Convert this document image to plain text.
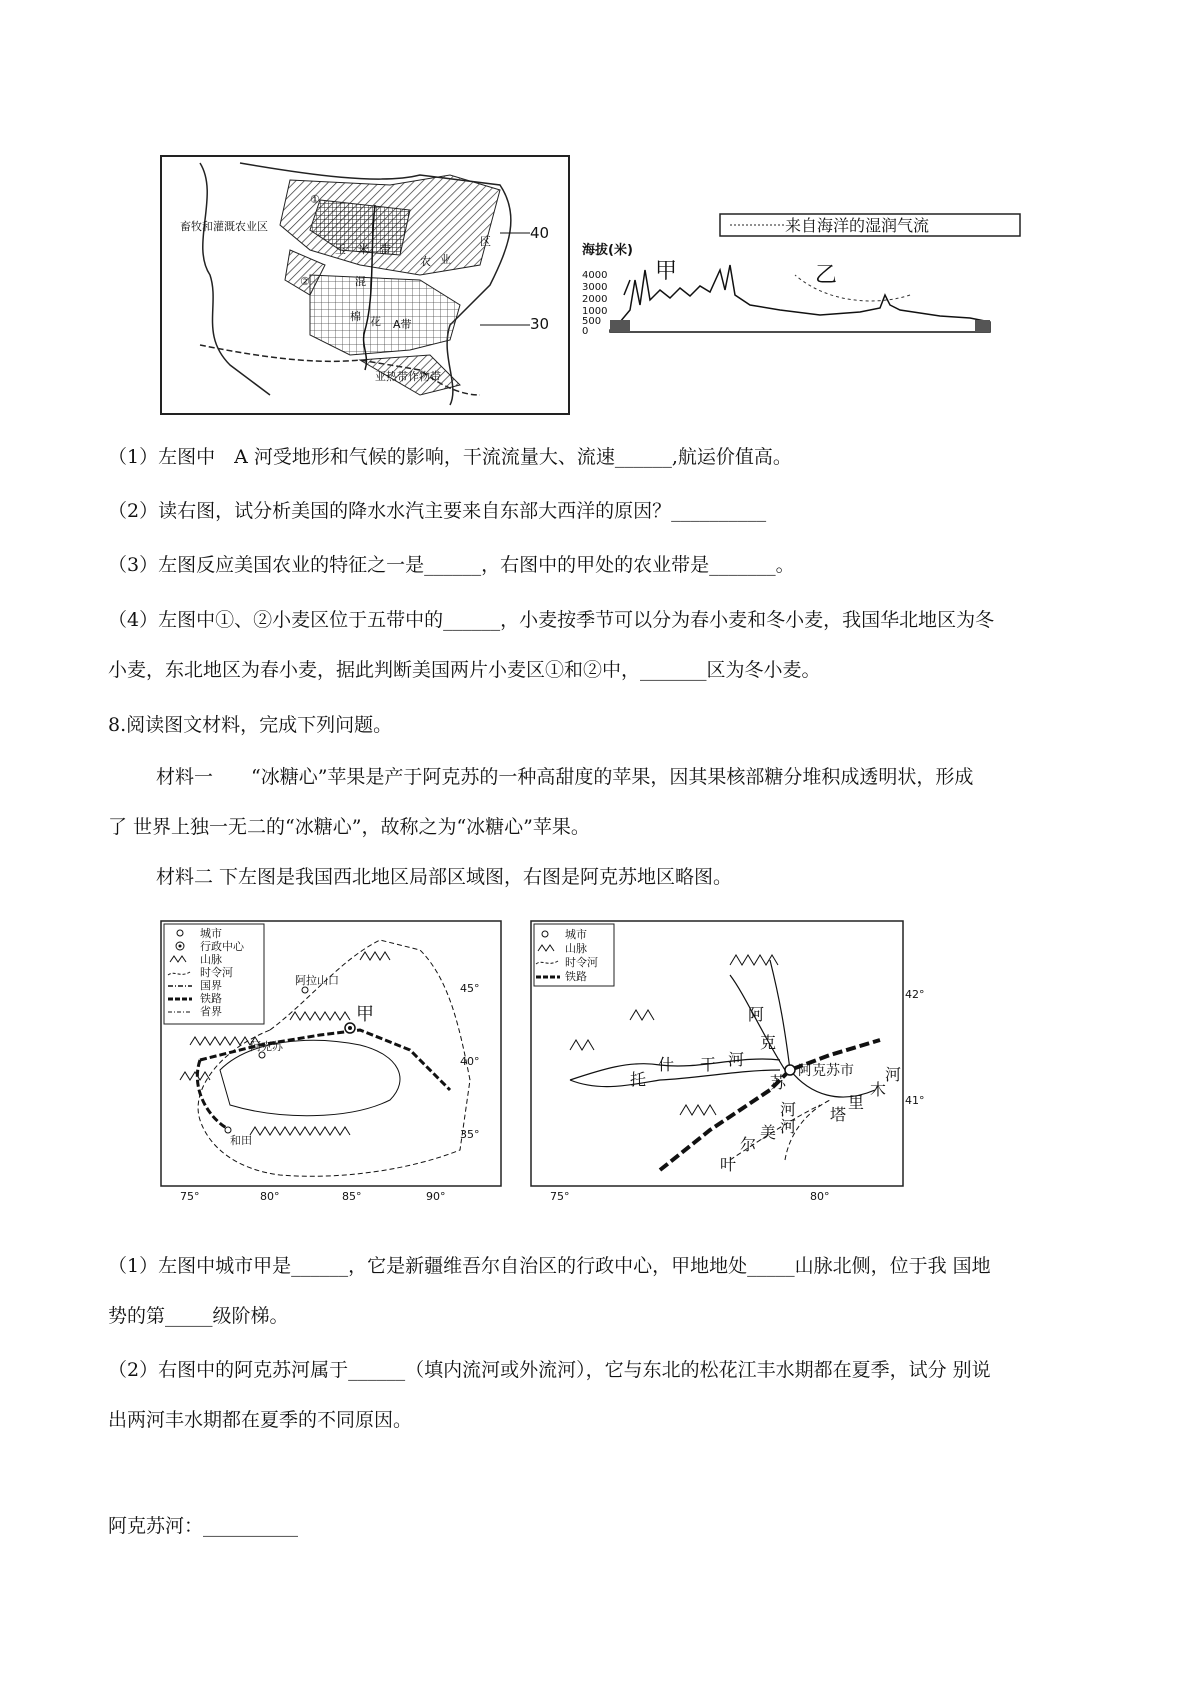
畜牧和灌溉农业区
①
②
玉 米 带
棉 花 A带
亚热带作物带
农 业
区
混
40
30
来自海洋的湿润气流
海拔(米)
4000
3000
2000
1000
500
0
甲	乙
（1）左图中　A 河受地形和气候的影响，干流流量大、流速______,航运价值高。
（2）读右图，试分析美国的降水水汽主要来自东部大西洋的原因？__________
（3）左图反应美国农业的特征之一是______，右图中的甲处的农业带是_______。
（4）左图中①、②小麦区位于五带中的______，小麦按季节可以分为春小麦和冬小麦，我国华北地区为冬
小麦，东北地区为春小麦，据此判断美国两片小麦区①和②中，_______区为冬小麦。
8.阅读图文材料，完成下列问题。
材料一　　“冰糖心”苹果是产于阿克苏的一种高甜度的苹果，因其果核部糖分堆积成透明状，形成
了 世界上独一无二的“冰糖心”，故称之为“冰糖心”苹果。
材料二 下左图是我国西北地区局部区域图，右图是阿克苏地区略图。
城市
行政中心
山脉
时令河
国界
铁路
省界
阿拉山口
甲
阿克苏
和田
45°
40°
35°
75°	80°	85°	90°
城市
山脉
时令河
铁路
阿克苏市
阿
克
苏
河
托
什 干 河
塔
里
木
河
叶
尔
美 河
42°
41°
75°	80°
（1）左图中城市甲是______，它是新疆维吾尔自治区的行政中心，甲地地处_____山脉北侧，位于我 国地
势的第_____级阶梯。
（2）右图中的阿克苏河属于______（填内流河或外流河），它与东北的松花江丰水期都在夏季，试分 别说
出两河丰水期都在夏季的不同原因。
阿克苏河：__________
